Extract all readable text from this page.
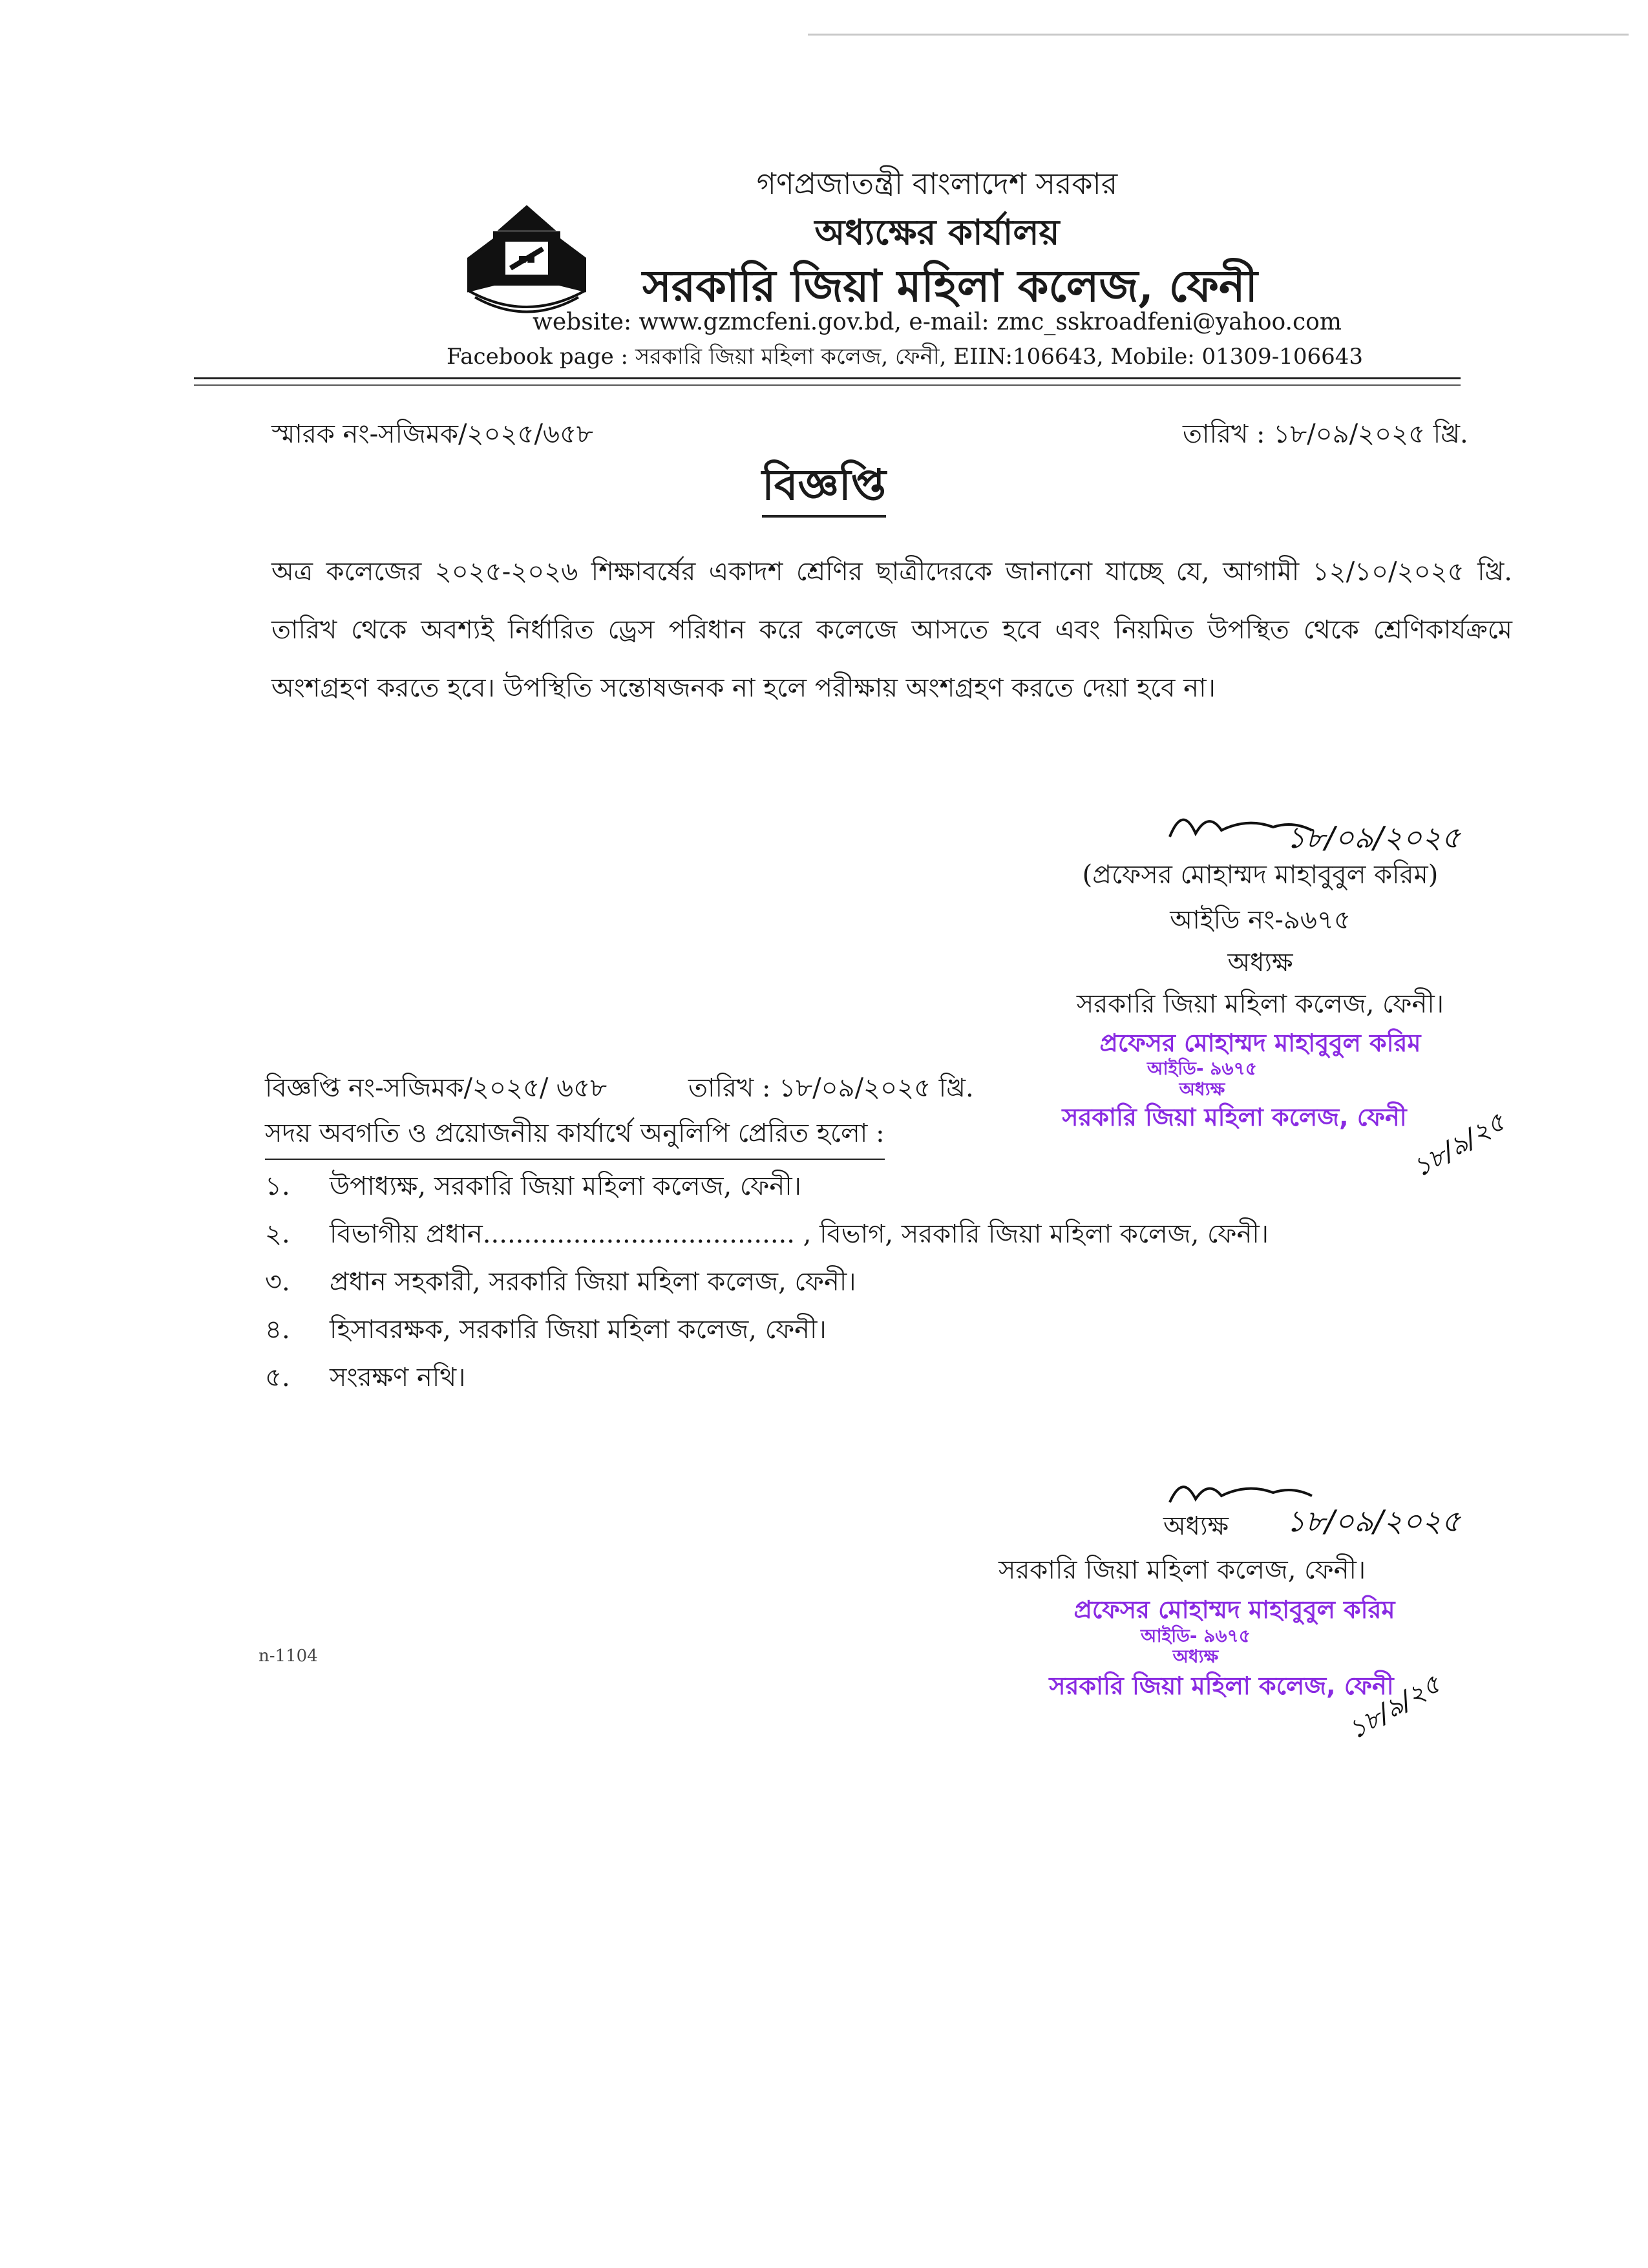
■■
গণপ্রজাতন্ত্রী বাংলাদেশ সরকার
অধ্যক্ষের কার্যালয়
সরকারি জিয়া মহিলা কলেজ, ফেনী
website: www.gzmcfeni.gov.bd, e-mail: zmc_sskroadfeni@yahoo.com
Facebook page : সরকারি জিয়া মহিলা কলেজ, ফেনী, EIIN:106643, Mobile: 01309-106643
স্মারক নং-সজিমক/২০২৫/৬৫৮	তারিখ : ১৮/০৯/২০২৫ খ্রি.
বিজ্ঞপ্তি
অত্র কলেজের ২০২৫-২০২৬ শিক্ষাবর্ষের একাদশ শ্রেণির ছাত্রীদেরকে জানানো যাচ্ছে যে, আগামী ১২/১০/২০২৫ খ্রি. তারিখ থেকে অবশ্যই নির্ধারিত ড্রেস পরিধান করে কলেজে আসতে হবে এবং নিয়মিত উপস্থিত থেকে শ্রেণিকার্যক্রমে অংশগ্রহণ করতে হবে। উপস্থিতি সন্তোষজনক না হলে পরীক্ষায় অংশগ্রহণ করতে দেয়া হবে না।
১৮/০৯/২০২৫
(প্রফেসর মোহাম্মদ মাহাবুবুল করিম)
আইডি নং-৯৬৭৫
অধ্যক্ষ
সরকারি জিয়া মহিলা কলেজ, ফেনী।
প্রফেসর মোহাম্মদ মাহাবুবুল করিম
আইডি- ৯৬৭৫
অধ্যক্ষ
সরকারি জিয়া মহিলা কলেজ, ফেনী ১৮/৯/২৫
বিজ্ঞপ্তি নং-সজিমক/২০২৫/ ৬৫৮	তারিখ : ১৮/০৯/২০২৫ খ্রি.
সদয় অবগতি ও প্রয়োজনীয় কার্যার্থে অনুলিপি প্রেরিত হলো :
১.	উপাধ্যক্ষ, সরকারি জিয়া মহিলা কলেজ, ফেনী।
২.	বিভাগীয় প্রধান...................................... , বিভাগ, সরকারি জিয়া মহিলা কলেজ, ফেনী।
৩.	প্রধান সহকারী, সরকারি জিয়া মহিলা কলেজ, ফেনী।
৪.	হিসাবরক্ষক, সরকারি জিয়া মহিলা কলেজ, ফেনী।
৫.	সংরক্ষণ নথি।
১৮/০৯/২০২৫
অধ্যক্ষ
সরকারি জিয়া মহিলা কলেজ, ফেনী।
প্রফেসর মোহাম্মদ মাহাবুবুল করিম
আইডি- ৯৬৭৫
অধ্যক্ষ
সরকারি জিয়া মহিলা কলেজ, ফেনী
১৮/৯/২৫
n-1104
